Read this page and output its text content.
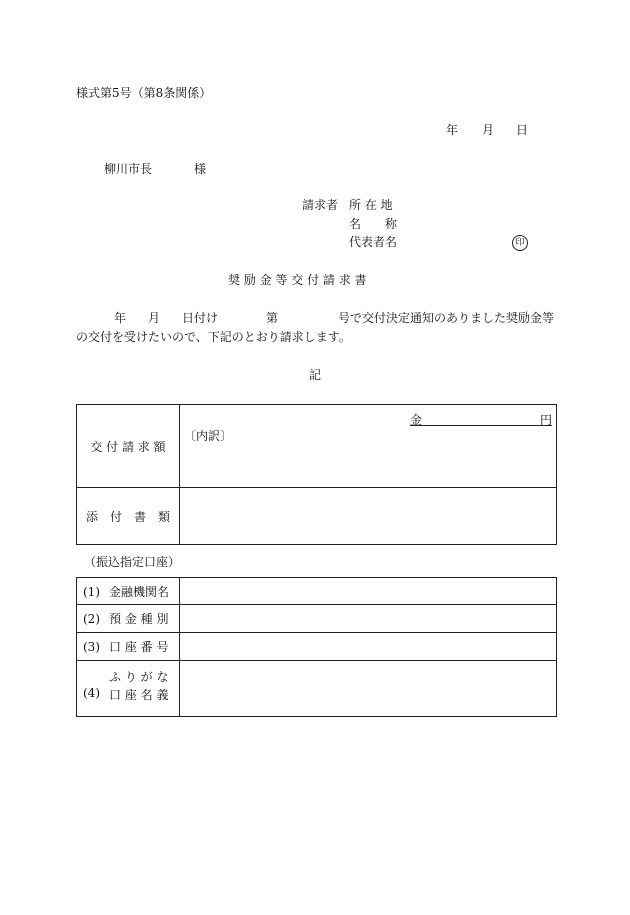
様式第5号（第8条関係）
年 月 日
柳川市長	様
請求者 所 在 地
名　　称
代表者名	印
奨 励 金 等 交 付 請 求 書
年 月 日付け	第	号で交付決定通知のありました奨励金等
の交付を受けたいので、下記のとおり請求します。
記
交 付 請 求 額	金 円
〔内訳〕

添　付　書　類	
（振込指定口座）
(1) 金融機関名	
(2) 預 金 種 別	
(3) 口 座 番 号	

ふ り が な
(4) 口 座 名 義	
